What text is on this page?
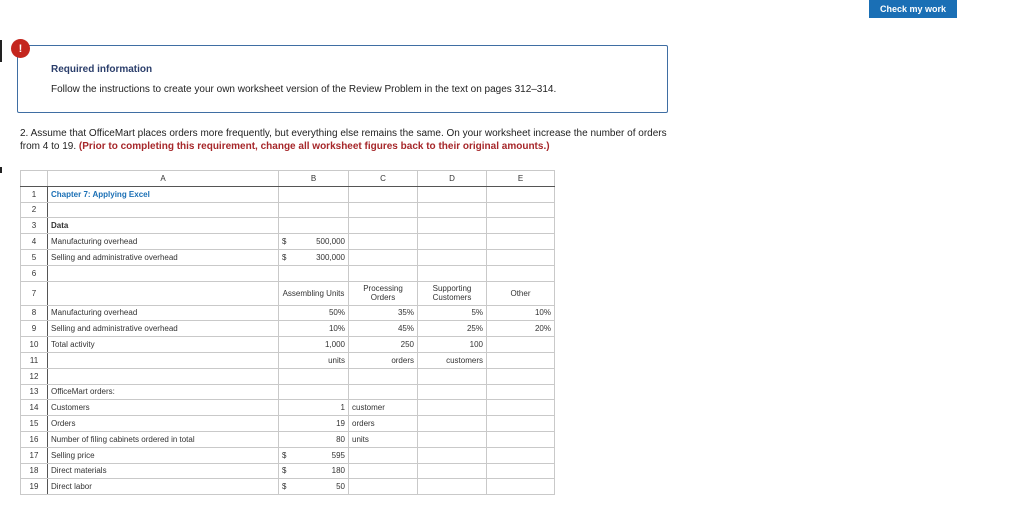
Check my work
Required information
Follow the instructions to create your own worksheet version of the Review Problem in the text on pages 312–314.
!
2. Assume that OfficeMart places orders more frequently, but everything else remains the same. On your worksheet increase the number of orders from 4 to 19. (Prior to completing this requirement, change all worksheet figures back to their original amounts.)
	A	B	C	D	E
1	Chapter 7: Applying Excel				
2					
3	Data				
4	Manufacturing overhead	$ 500,000			

5	Selling and administrative overhead	$ 300,000			

6					
7		Assembling Units	Processing Orders	Supporting Customers	Other
8	Manufacturing overhead	50%	35%	5%	10%
9	Selling and administrative overhead	10%	45%	25%	20%
10	Total activity	1,000	250	100	
11		units	orders	customers	
12					
13	OfficeMart orders:				
14	Customers	1	customer		
15	Orders	19	orders		
16	Number of filing cabinets ordered in total	80	units		
17	Selling price	$ 595			

18	Direct materials	$ 180			

19	Direct labor	$ 50			
